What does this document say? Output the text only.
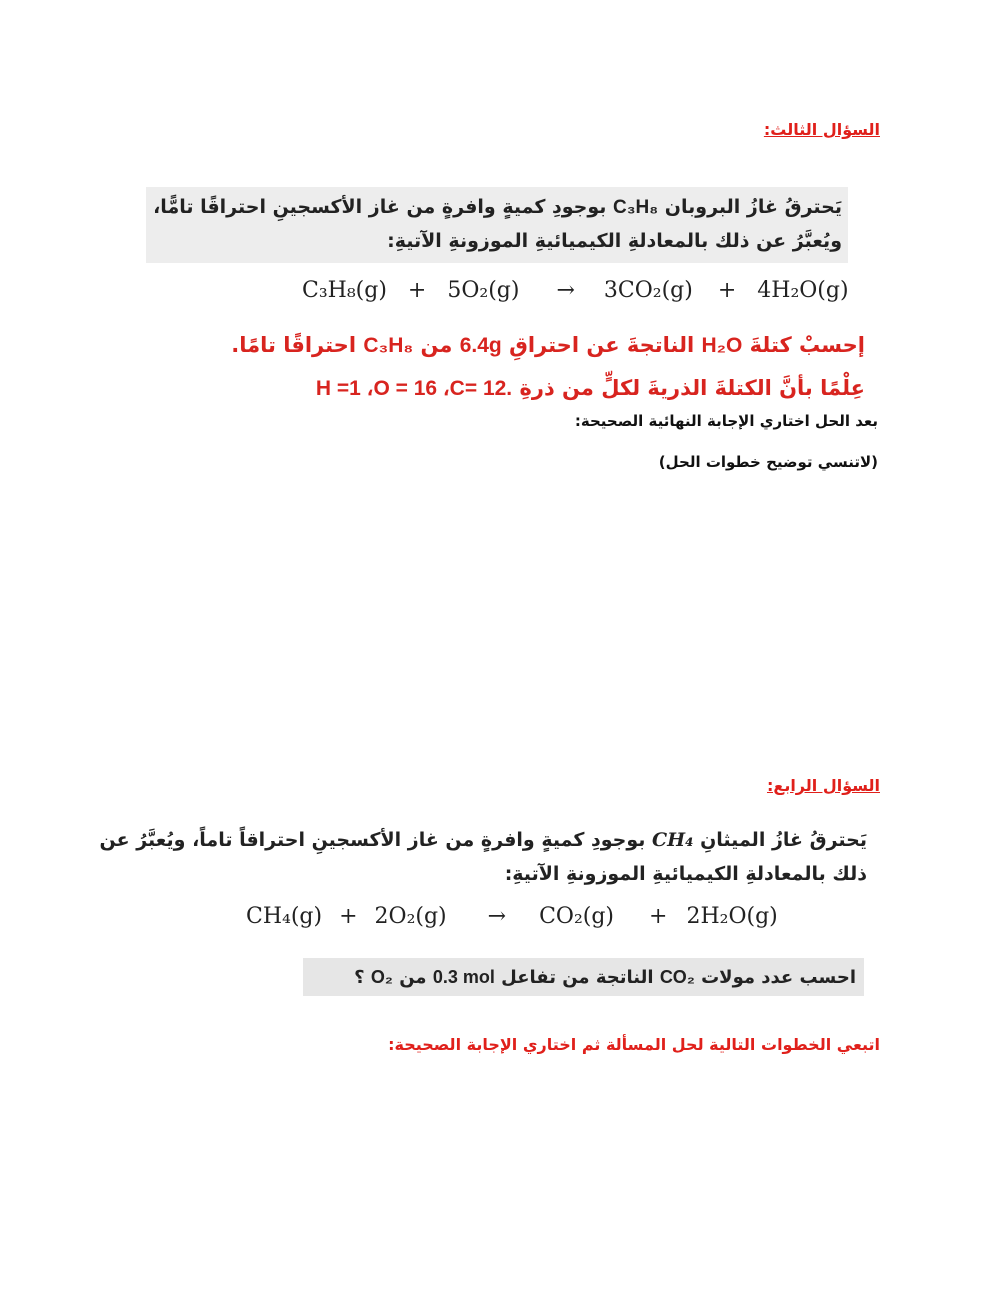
السؤال الثالث:
يَحترقُ غازُ البروبان C₃H₈ بوجودِ كميةٍ وافرةٍ من غاز الأكسجينِ احتراقًا تامًّا،
ويُعبَّرُ عن ذلك بالمعادلةِ الكيميائيةِ الموزونةِ الآتيةِ:
C₃H₈(g) + 5O₂(g) → 3CO₂(g) + 4H₂O(g)
إحسبْ كتلةَ H₂O الناتجةَ عن احتراقِ 6.4g من C₃H₈ احتراقًا تامًا.
عِلْمًا بأنَّ الكتلةَ الذريةَ لكلٍّ من ذرةِ H =1 ،O = 16 ،C= 12.
بعد الحل اختاري الإجابة النهائية الصحيحة:
(لاتنسي توضيح خطوات الحل)
السؤال الرابع:
يَحترقُ غازُ الميثانِ CH₄ بوجودِ كميةٍ وافرةٍ من غاز الأكسجينِ احتراقاً تاماً، ويُعبَّرُ عن
ذلك بالمعادلةِ الكيميائيةِ الموزونةِ الآتيةِ:
CH₄(g) + 2O₂(g) → CO₂(g) + 2H₂O(g)
احسب عدد مولات CO₂ الناتجة من تفاعل 0.3 mol من O₂ ؟
اتبعي الخطوات التالية لحل المسألة ثم اختاري الإجابة الصحيحة:
